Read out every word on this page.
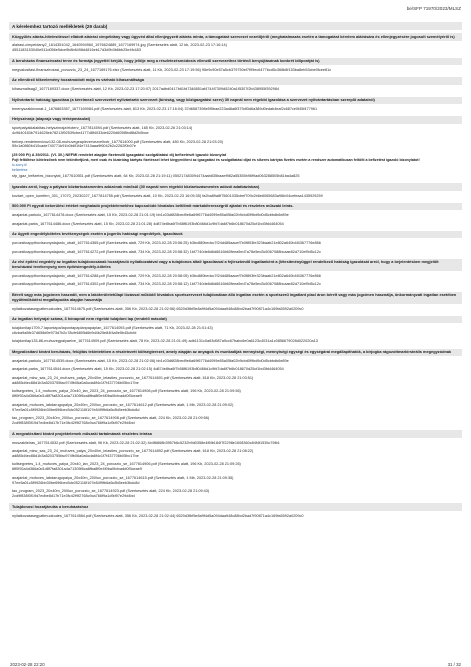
be/SFP 71970/2023/MLSZ
A kérelemhez tartozó mellékletek (29 darab)
Közgyűlés alárás-hitelesítéssel ellátott aláírási címpéldány vagy ügyvéd által ellenjegyzett aláírás minta, a támogatást szervezet vezetőjéről (meghatalmazás esetén a támogatást kérelem aláírására és ellenjegyzésére jogosult személyéről is)

alairasi-cimpeldany2_1614351042_1640594960_1976624889_1677169974.jpg (Szerkesztés alatt, 12 kb, 2023-02-23 17:16:14)

4551183153040e511d056e5dce5b8b6498d4816eb17d3d9b3b6bb25e4fc483

A beruházás finanszírozási terve és formája (egyetlél kérjük, hogy jelölje meg a részletezésmódosis ellenzői szervezethez történő benyújtásának konkrét időpontját is)

megvalositasi-finanszirozasi_porozzio_23_24_1677169176.xlsx (Szerkesztés alatt, 11 Kb, 2023-02-23 17:19:56) 95e9c90e57a5cb379750ef7f99ec6477bcd5c366b8f153ba8eb53cbe0fcee81c

Az ellenőrző tőkeelemény hozzámódott mója és várható kihasználtsága

kihasznaltsag2_1677169337.docx (Szerkesztés alatt, 12 Kb, 2023-02-23 17:20:07) 2017adbd0417b61fd7346851af4744f7309d5240a1f5307f2b438955f392984

Nyilvántartó hatóság igazolása (a kérelmező szervezetet nyilvántartó szervezet (bíróság, vagy közigazgatási szerv) 30 napnál nem régebbi igazolása a szervezet nyilvántartásban szereplő adatairól)

bmenyszakkivonat-1_1676863357_1677169084.pdf (Szerkesztés alatt, 813 Kb, 2023-02-23 17:16:04) 37d6587398e5f5bae223ad8a6f379df3d6a389d0edab4eaf2c687ce0f45f477961

Helyszínrajz (alaprajz vagy térképmásolat)

sportpalyakialakitas-helyszinrajz/eloterv_1677814594.pdf (Szerkesztés alatt, 165 Kb, 2023-02-26 21:03:14)

4c9640163b7914625eb78213f92539cbe4177d8f4033de6220d605f8bdf8d2b5bce

belvep-rendelemvivoz132-08-muhuvegeaplevervezvelhotr_1677614000.pdf (Szerkesztés alatt, 480 Kb, 2023-02-28 21:03:20)

59c1a0860b410cade740771b91b0b6f1f4e7410aaa9f6042b2c2262f0b07e

(25 000 Ft) A 39/2011. (VI. 30.) NEFMI rendelet alapján fizetendő igazgatási szolgáltatási díj befizetését igazoló bizonylat

Fojt feltöltése kötelezőnek nem tekinthetjünk, meri csak és kizárólag kártyás fizetéssel lehet kiegyenlíteni az igazgatási és szolgáltatási díjat és sikeres kártyás fizetés esetén a rendszer automatikusan feltölti a befizetést igazoló bizonylatot!

tu.sorry.it/

befizetése

sfp_igaz_befizetes_bizonylat_1677610551.pdf (Szerkesztés alatt, 64 Kb, 2023-02-28 21:19:11) 050217483094474aab835baaef982a55355b96f9ad063288505b81ba4a825

Igazolás arról, hogy a pályázó köztartozásmentes adózónak minősül (30 napnál nem régebbi köztartozásmentes adózói adatbázisban)

koztart_open_komfem_301_17070_20230227_1677814755.pdf (Szerkesztés alatt, 10 Kb, 2023-02-23 16:05:35) fa2ba89a8f75601035cbef709c2b6e6065683a96fc04cefeaa1435929259

500.000 Ft egyedi bekerülési értéket meghaladó projektelemekhez kapcsolódó hivatalos beltilimit márkakiterességről ajánlat és részletes műszaki leírás.

anajanlat-parkolo_1677614478.docx (Szerkesztés alatt, 15 Kb, 2023-02-28 21:01:19) bb1c03d6f28bed9e6a69f6776d4099e85a05fa02b9cbd0f9bd9d0d5cbbdb6e89e

anajanlat-parks_1677614486.docx (Szerkesztés alatt, 15 Kb, 2023-02-28 21:01:28) 4d874e8ba6f7b58f6193b80466d1c9fd7da6f7b6b018670d25cf1bd3fd4464054

Az ügyeti engedélyköteles tevékenységek esetén a jogerős hatósági engedélyek, igazolások

porozsitoappthoviszonyalajanlo_ubalt_1677614365.pdf (Szerkesztés alatt, 729 Kb, 2023-02-28 20:56:25) b3bc880bedcc7f24d485aacef7b0f893fe323baab21e802a640b4f4367776e866

porozsitoappthoviszonyalajanlo_ubalt_1677614272.pdf (Szerkesztés alatt, 734 Kb, 2023-02-28 20:58:32) 1bf7740de8d6d6616b60feea9ed7a78e5ed3c5067088bcaae82d710ef9d5c12c

Az elvi építési engedély az ingatlan tulajdonosának hozzájáruló nyilatkozatával vagy a tulajdonos általi igazolással a fejlesztendő ingatlanként a (létesítményüggel rendelkező hatóság igazolását arról, hogy a bejelentésben megjelölt beruházási tevékenység nem építésiengedély-köteles

porozsitoappthoviszonyalajanlo_ubalt_1677614288.pdf (Szerkesztés alatt, 729 Kb, 2023-02-28 20:58:05) b3bc880bedcc7f24d485aacef7b0f893fe323baab21e802a640b4f4367776e866

porozsitoappthoviszonyalajanlo_ubalt_1677614302.pdf (Szerkesztés alatt, 734 Kb, 2023-02-28 20:58:12) 1bf7740de8d6d6616b60feea9ed7a78e5ed3c5067088bcaae82d710ef9d5c12c

Bérelt vagy más jogcímen használt, nem a lakóterületetűlapi lózással működő hivatalos sportszervezet tulajdonában álló ingatlan esetén a sportszerű ingatlant piaci áron bérelt vagy más jogcímen használja, önkormányzati ingatlan esetében együttműködési megállapodás alapján használja

nyilatkozatasegyattmuokodes_1677614675.pdf (Szerkesztés alatt, 356 Kb, 2023-02-28 21:02:56) 6520d3fbf5e8a9f4d5a094daa948c88bd2bad7f90871a4c169fa5592a0209c0

Az ingatlan helyrajzi száma, 3 hónapnál nem régebbi tulajdoni lap (rendelő másolat)

tulajdonilap1709-7.lapontapa/lapontapaplanpapaplan_1677614093.pdf (Szerkesztés alatt, 71 Kb, 2023-02-28 21:01:43)

c6cba9a5fe37d658d9e973d7b2c78cfe6805d6b9d4b25e84f4a5e5b45cfcfd

tulajdonilap133-86-muhuvegpalyaelve_1677614909.pdf (Szerkesztés alatt, 78 Kb, 2023-02-28 21:01:49) adb1131c0a63d987a9cc67babc6e0a6123c4031a1c0856679028d022020a13

Megvalósítani kívánt beruházás, felújítás tekintetében a részletezett költségterezet, amely alapján az anyagok és munkadíjak mennyiségi, mennyiségi egységi és egységárai megállapíthatók, a bírjogba rágozottmarkirsteális megegyzódnak

anajanlat-parkolo_1677614539.docx (Szerkesztés alatt, 15 Kb, 2023-02-28 21:02:06) bb1c03d6f28bed9e6a69f6776d4099e85a05fa02b9cbd0f9bd9d0d5cbbdb6e89e

anajanlat-parks_1677614544.docx (Szerkesztés alatt, 15 Kb, 2023-02-28 21:02:15) 4d874e8ba6f7b58f6193b80466d1c9fd7da6f7b6b018670d25cf1bd3fd4464054

anajanlat_mkw_sas_23_24_mufuves_palya_20x40m_lelastles_porozzio_se_1677614601.pdf (Szerkesztés alatt, 618 Kb, 2023-02-28 21:03:51)

ad885d4ec88d1b3a5203755fac974fb06a0a6cda6f4c1f7f437706b05bc17be

koltsegvetes_1.4_mufuves_palya_20x40_lan_2023_24_porozzio_se_1677614908.pdf (Szerkesztés alatt, 196 Kb, 2023-02-28 21:09:56)

6ff0f92a4d366a0d1d8f7fa8301a4a71305f6ca8fba8f0e4f0ba0fcfcadd0f3ceae9

anajanlat_mufuves_labdarugopalya_20x40m_200lux_porozzio_se_1677614612.pdf (Szerkesztés alatt, 1 Mb, 2023-02-28 21:09:02)

97ee5a01c5f9926bb30be696bec5dc052116f107e84f9fb6a5c8b5eeb3bdc8d

tao_program_2023_20x40m_200lux_porozzio_se_1677614908.pdf (Szerkesztés alatt, 224 Kb, 2023-02-28 21:09:56)

2cd9f838f3f19d7edbe8d17b71e3fc42f9f2768c9ca766f9a1d9d97e29d4bd

A megvalósítani kívánt projektelemek műszaki tartalmának részletes leírása

muszakileiras_1677614532.pdf (Szerkesztés alatt, 96 Kb, 2023-02-28 21:02:32) 4b4f6868b3957b6c5232b9d0358e4f6fb184f7f2298e1608360c84f4f1535c76fb1

anajanlat_mkw_sas_23_24_mufuves_palya_20x40m_lelastles_porozzio_se_1677614892.pdf (Szerkesztés alatt, 618 Kb, 2023-02-28 21:08:22)

ad885d4ec88d1b3a5203755fac974fb06a0a6cda6f4c1f7f437706b05bc17be

koltsegvetes_1.4_mufuves_palya_20x40_lan_2023_24_porozzio_se_1677614906.pdf (Szerkesztés alatt, 196 Kb, 2023-02-28 21:09:26)

6ff0f92a4d366a0d1d8f7fa8301a4a71305f6ca8fba8f0e4f0ba0fcfcadd0f3ceae9

anajanlat_mufuves_labdarugopalya_20x40m_200lux_porozzio_se_1677614615.pdf (Szerkesztés alatt, 1 Mb, 2023-02-28 21:09:35)

97ee5a01c5f9926bb30be696bec5dc052116f107e84f9fb6a5c8b5eeb3bdc8d

tao_program_2023_20x40m_200lux_porozzio_se_1677614923.pdf (Szerkesztés alatt, 224 Kb, 2023-02-28 21:09:43)

2cd9f838f3f19d7edbe8d17b71e3fc42f9f2768c9ca766f9a1d9d97e29d4bd

Tulajdonosi hozzájárulás a beruházáshoz

nyilatkozatasegyattmuokodes_1677614564.pdf (Szerkesztés alatt, 356 Kb, 2023-02-28 21:02:44) 6520d3fbf5e8a9f4d5a094daa948c88bd2bad7f90871a4c169fa5592a0209c0

2023-02-28 22:20	31 / 32
